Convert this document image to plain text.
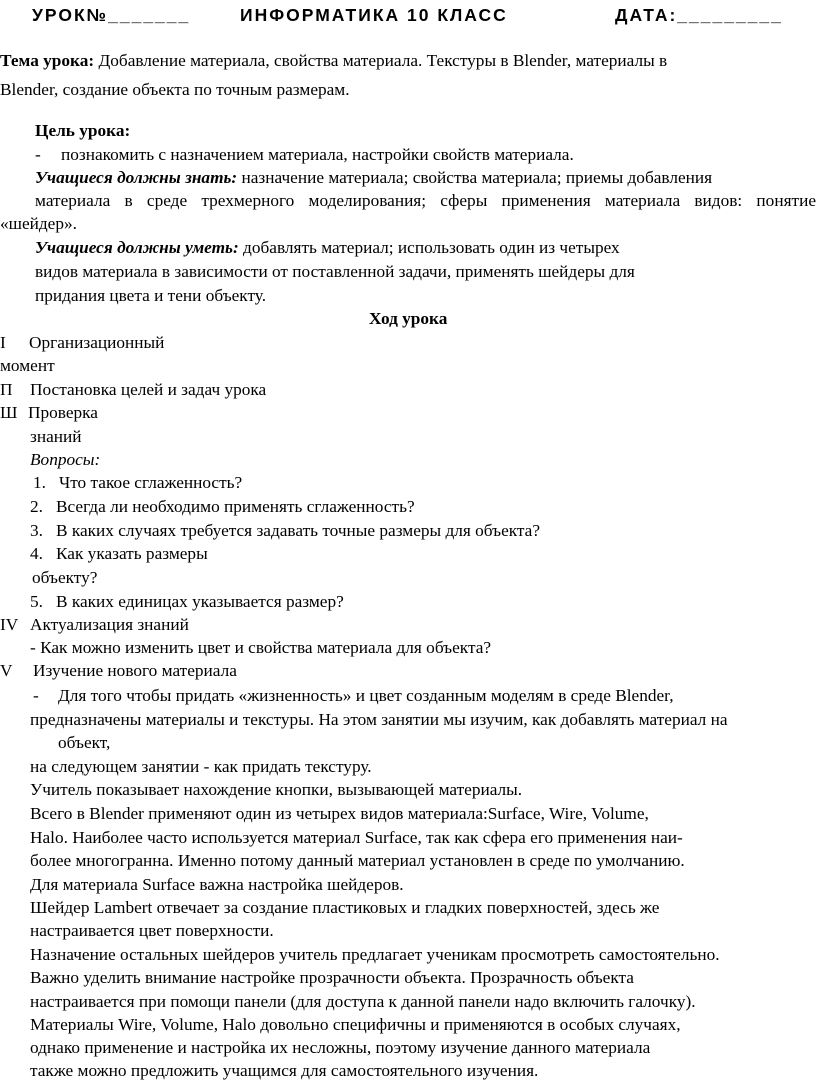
УРОК№_______	ИНФОРМАТИКА 10 КЛАСС	ДАТА:_________
Тема урока: Добавление материала, свойства материала. Текстуры в Blender, материалы в
Blender, создание объекта по точным размерам.
Цель урока:
- познакомить с назначением материала, настройки свойств материала.
Учащиеся должны знать: назначение материала; свойства материала; приемы добавления
материала в среде трехмерного моделирования; сферы применения материала видов: понятие
«шейдер».
Учащиеся должны уметь: добавлять материал; использовать один из четырех
видов материала в зависимости от поставленной задачи, применять шейдеры для
придания цвета и тени объекту.
Ход урока
I Организационный
момент
П Постановка целей и задач урока
Ш Проверка
знаний
Вопросы:
1. Что такое сглаженность?
2. Всегда ли необходимо применять сглаженность?
3. В каких случаях требуется задавать точные размеры для объекта?
4. Как указать размеры
объекту?
5. В каких единицах указывается размер?
IV Актуализация знаний
- Как можно изменить цвет и свойства материала для объекта?
V Изучение нового материала
- Для того чтобы придать «жизненность» и цвет созданным моделям в среде Blender,
предназначены материалы и текстуры. На этом занятии мы изучим, как добавлять материал на
объект,
на следующем занятии - как придать текстуру.
Учитель показывает нахождение кнопки, вызывающей материалы.
Всего в Blender применяют один из четырех видов материала:Surface, Wire, Volume,
Halo. Наиболее часто используется материал Surface, так как сфера его применения наи-
более многогранна. Именно потому данный материал установлен в среде по умолчанию.
Для материала Surface важна настройка шейдеров.
Шейдер Lambert отвечает за создание пластиковых и гладких поверхностей, здесь же
настраивается цвет поверхности.
Назначение остальных шейдеров учитель предлагает ученикам просмотреть самостоятельно.
Важно уделить внимание настройке прозрачности объекта. Прозрачность объекта
настраивается при помощи панели (для доступа к данной панели надо включить галочку).
Материалы Wire, Volume, Halo довольно специфичны и применяются в особых случаях,
однако применение и настройка их несложны, поэтому изучение данного материала
также можно предложить учащимся для самостоятельного изучения.
